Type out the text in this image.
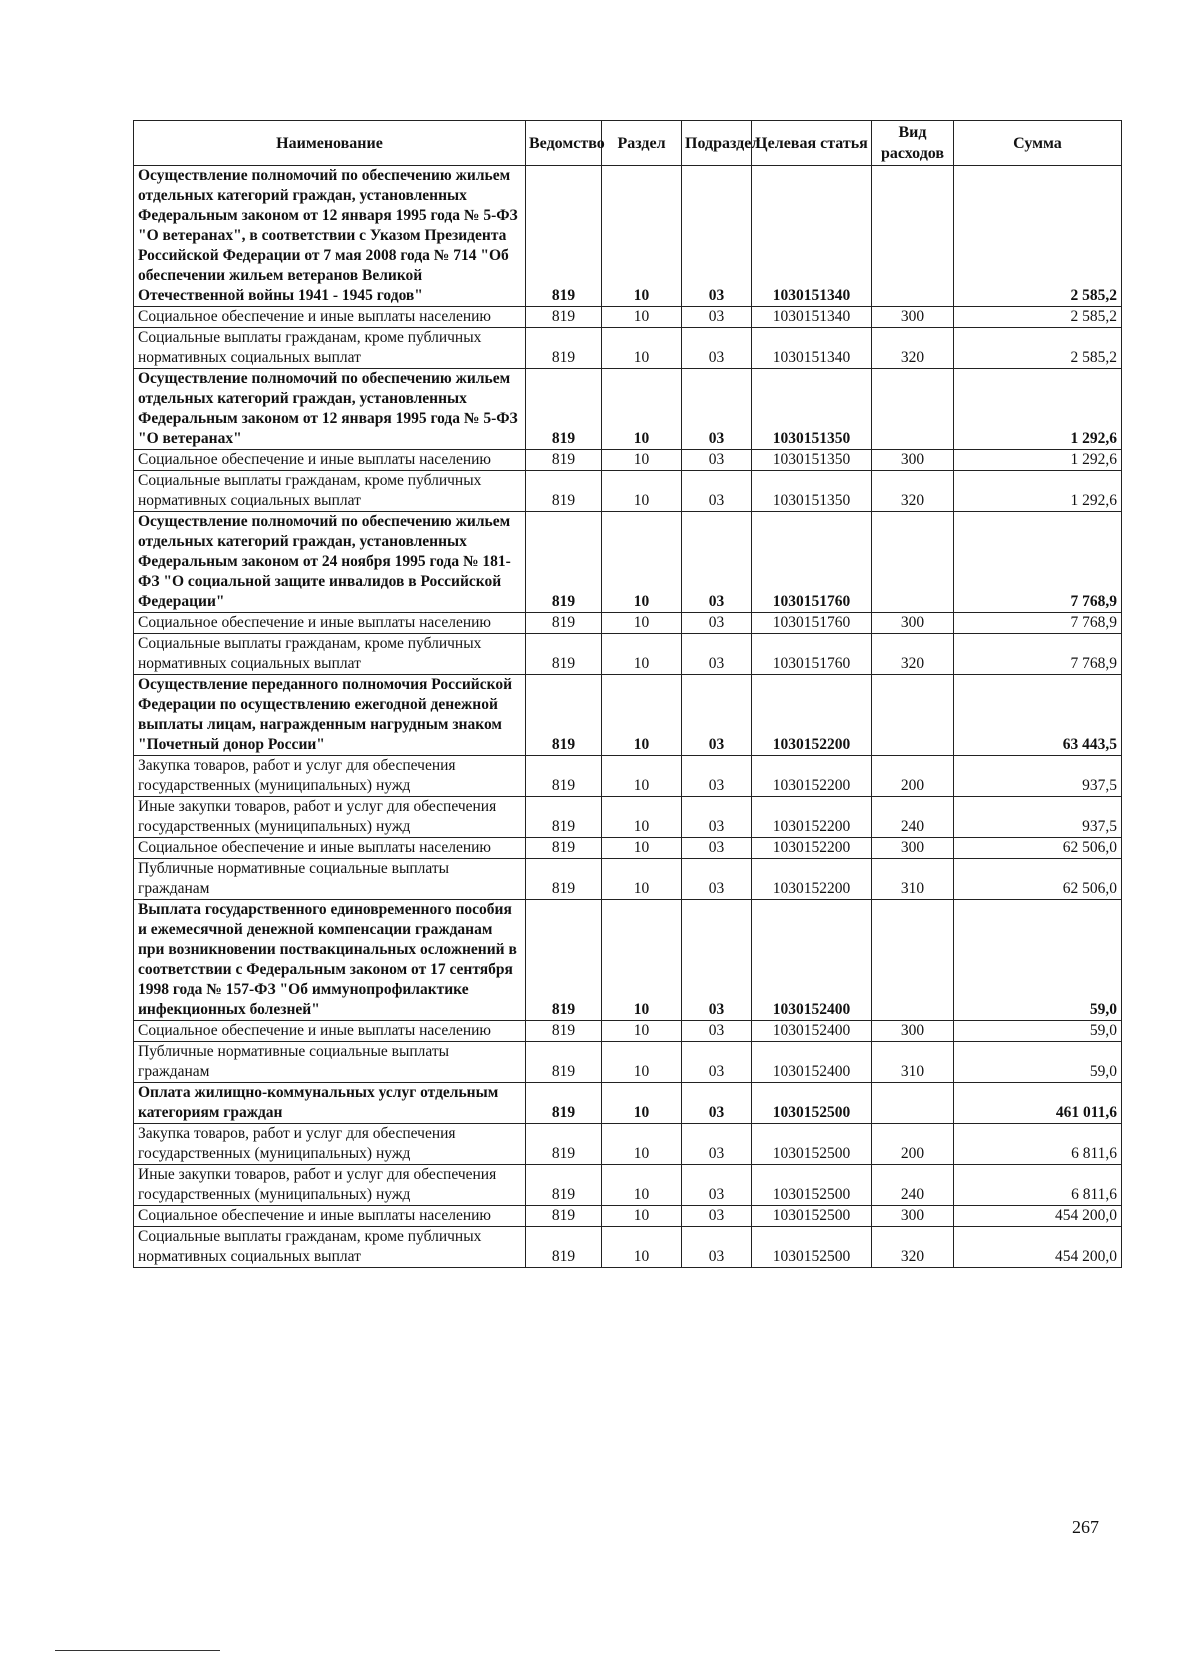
Наименование	Ведомство	Раздел	Подраздел	Целевая статья	Вид расходов	Сумма
Осуществление полномочий по обеспечению жильем отдельных категорий граждан, установленных Федеральным законом от 12 января 1995 года № 5-ФЗ "О ветеранах", в соответствии с Указом Президента Российской Федерации от 7 мая 2008 года № 714 "Об обеспечении жильем ветеранов Великой Отечественной войны 1941 - 1945 годов"	819	10	03	1030151340		2 585,2
Социальное обеспечение и иные выплаты населению	819	10	03	1030151340	300	2 585,2
Социальные выплаты гражданам, кроме публичных нормативных социальных выплат	819	10	03	1030151340	320	2 585,2
Осуществление полномочий по обеспечению жильем отдельных категорий граждан, установленных Федеральным законом от 12 января 1995 года № 5-ФЗ "О ветеранах"	819	10	03	1030151350		1 292,6
Социальное обеспечение и иные выплаты населению	819	10	03	1030151350	300	1 292,6
Социальные выплаты гражданам, кроме публичных нормативных социальных выплат	819	10	03	1030151350	320	1 292,6
Осуществление полномочий по обеспечению жильем отдельных категорий граждан, установленных Федеральным законом от 24 ноября 1995 года № 181-ФЗ "О социальной защите инвалидов в Российской Федерации"	819	10	03	1030151760		7 768,9
Социальное обеспечение и иные выплаты населению	819	10	03	1030151760	300	7 768,9
Социальные выплаты гражданам, кроме публичных нормативных социальных выплат	819	10	03	1030151760	320	7 768,9
Осуществление переданного полномочия Российской Федерации по осуществлению ежегодной денежной выплаты лицам, награжденным нагрудным знаком "Почетный донор России"	819	10	03	1030152200		63 443,5
Закупка товаров, работ и услуг для обеспечения государственных (муниципальных) нужд	819	10	03	1030152200	200	937,5
Иные закупки товаров, работ и услуг для обеспечения государственных (муниципальных) нужд	819	10	03	1030152200	240	937,5
Социальное обеспечение и иные выплаты населению	819	10	03	1030152200	300	62 506,0
Публичные нормативные социальные выплаты гражданам	819	10	03	1030152200	310	62 506,0
Выплата государственного единовременного пособия и ежемесячной денежной компенсации гражданам при возникновении поствакцинальных осложнений в соответствии с Федеральным законом от 17 сентября 1998 года № 157-ФЗ "Об иммунопрофилактике инфекционных болезней"	819	10	03	1030152400		59,0
Социальное обеспечение и иные выплаты населению	819	10	03	1030152400	300	59,0
Публичные нормативные социальные выплаты гражданам	819	10	03	1030152400	310	59,0
Оплата жилищно-коммунальных услуг отдельным категориям граждан	819	10	03	1030152500		461 011,6
Закупка товаров, работ и услуг для обеспечения государственных (муниципальных) нужд	819	10	03	1030152500	200	6 811,6
Иные закупки товаров, работ и услуг для обеспечения государственных (муниципальных) нужд	819	10	03	1030152500	240	6 811,6
Социальное обеспечение и иные выплаты населению	819	10	03	1030152500	300	454 200,0
Социальные выплаты гражданам, кроме публичных нормативных социальных выплат	819	10	03	1030152500	320	454 200,0
267
